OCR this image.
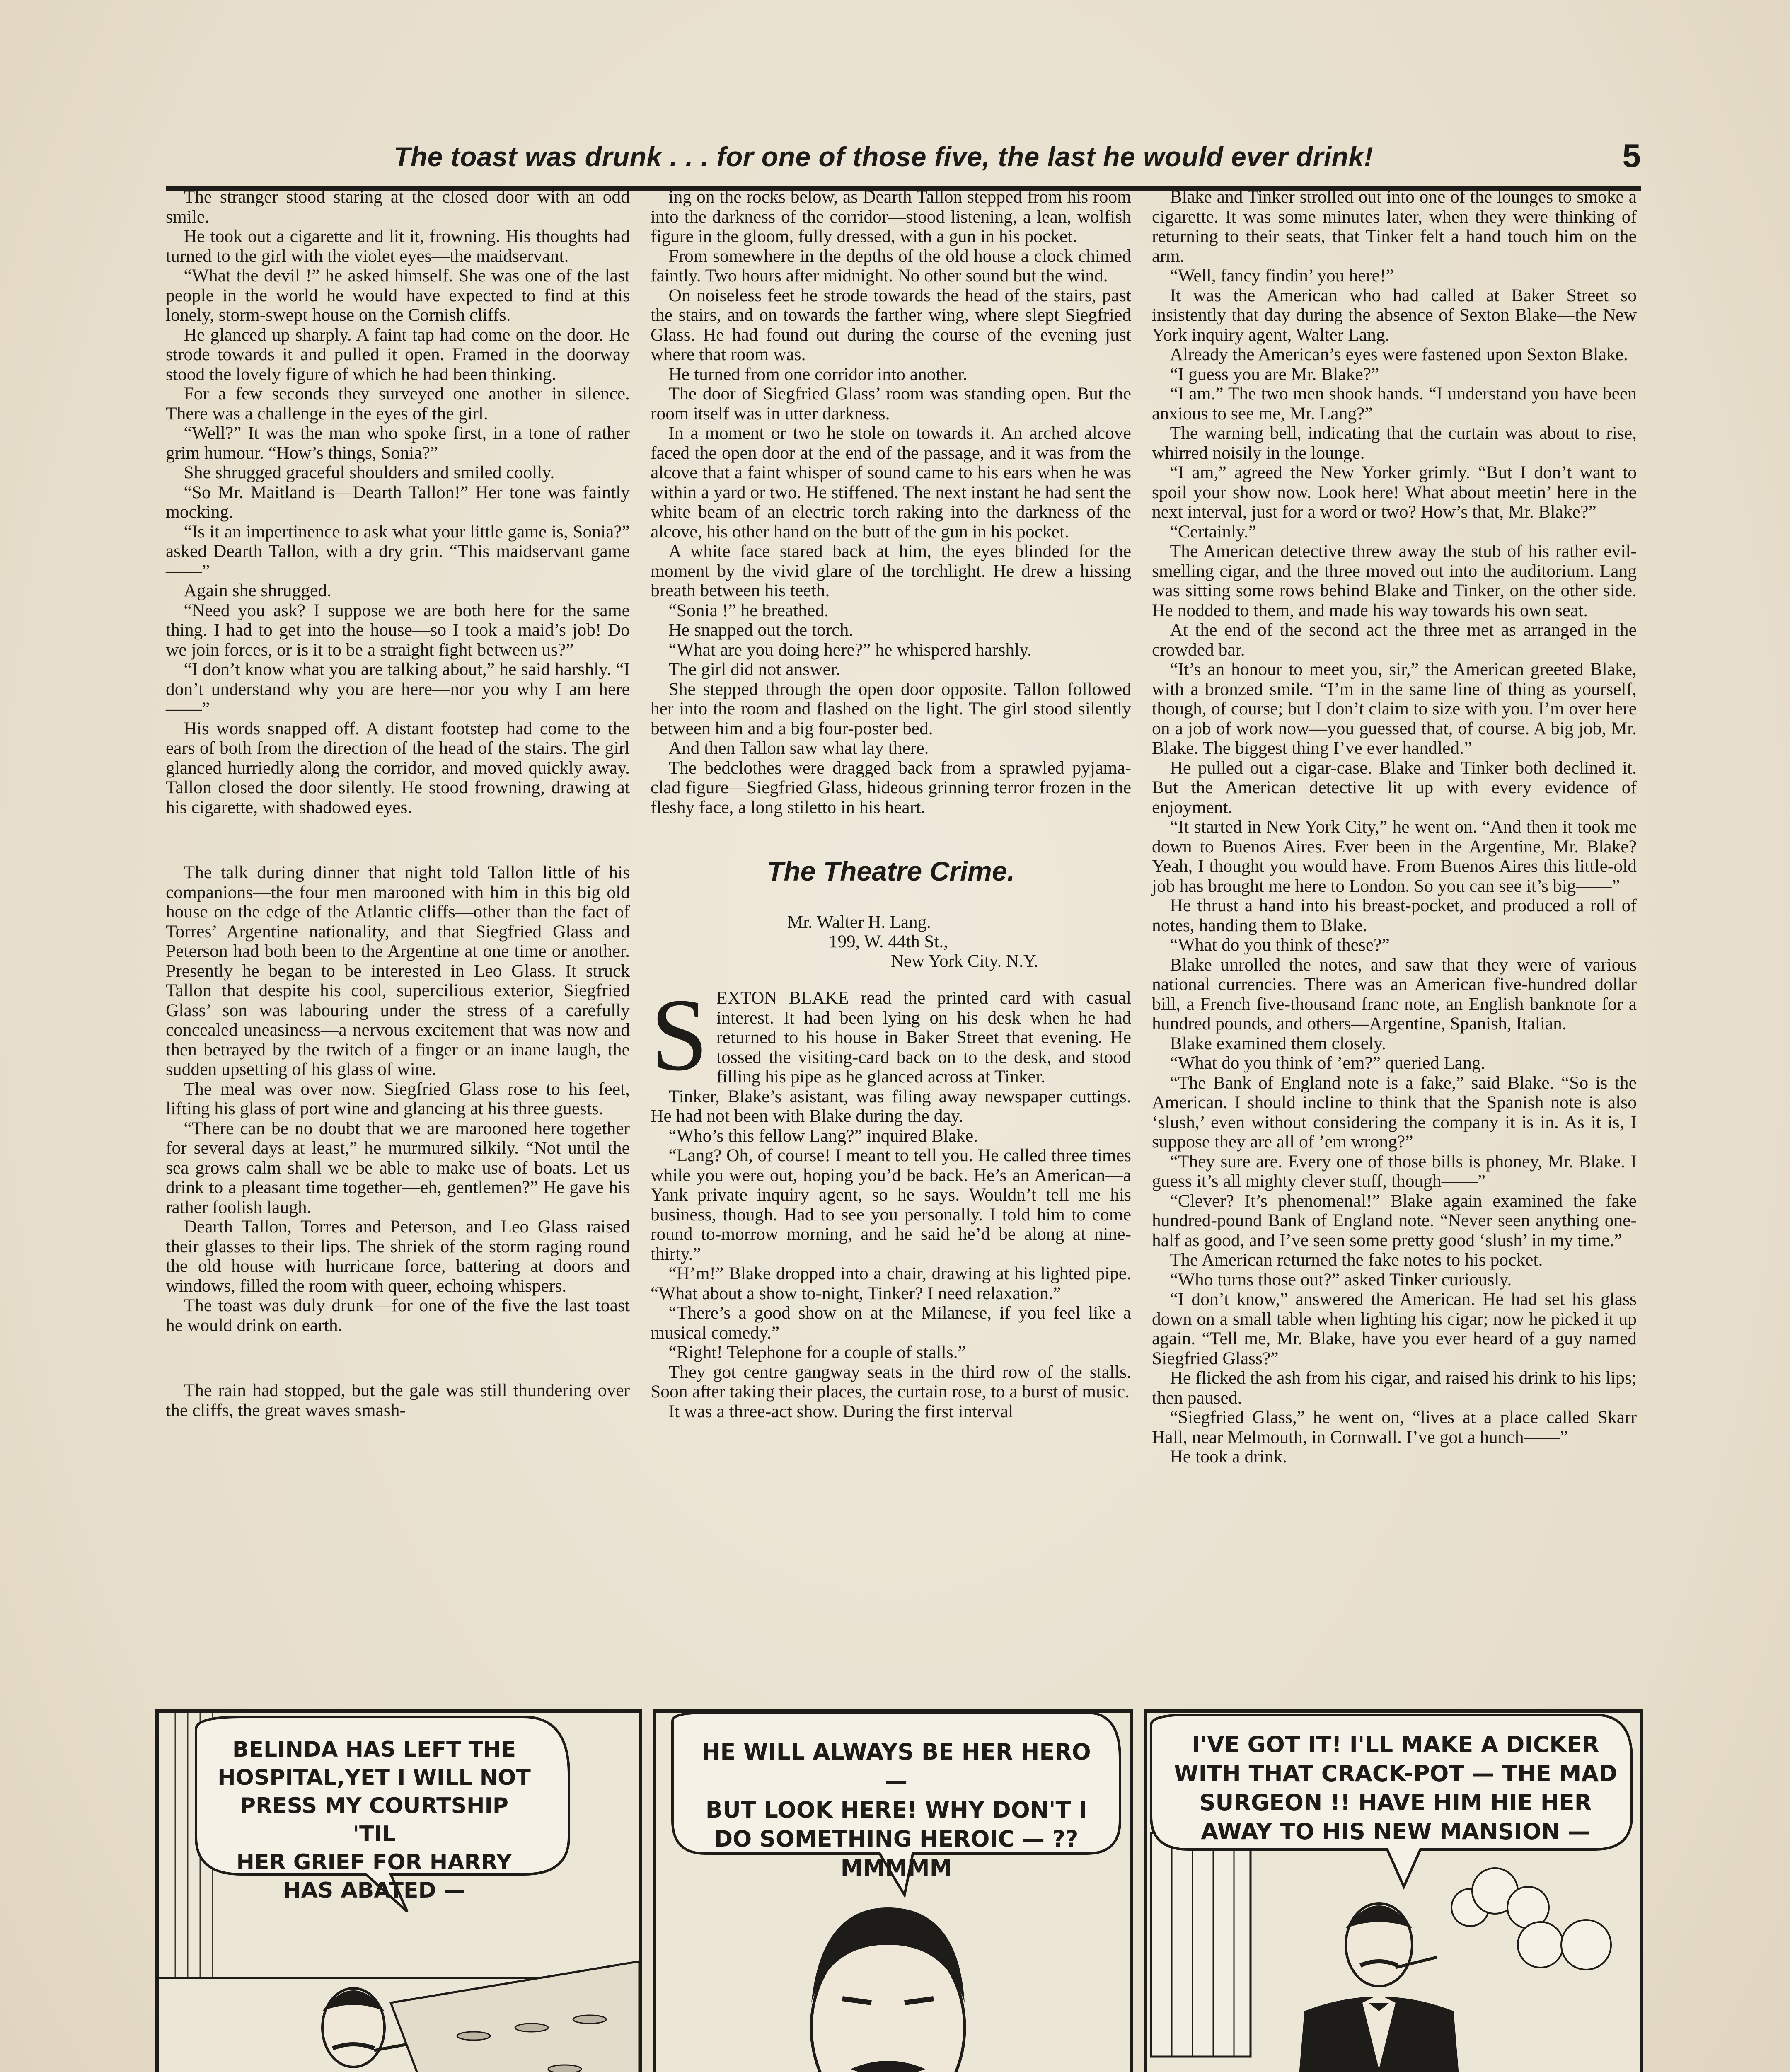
The toast was drunk . . . for one of those five, the last he would ever drink!	5

The stranger stood staring at the closed door with an odd smile.

He took out a cigarette and lit it, frowning. His thoughts had turned to the girl with the violet eyes—the maidservant.

“What the devil !” he asked himself. She was one of the last people in the world he would have expected to find at this lonely, storm-swept house on the Cornish cliffs.

He glanced up sharply. A faint tap had come on the door. He strode towards it and pulled it open. Framed in the doorway stood the lovely figure of which he had been thinking.

For a few seconds they surveyed one another in silence. There was a challenge in the eyes of the girl.

“Well?” It was the man who spoke first, in a tone of rather grim humour. “How’s things, Sonia?”

She shrugged graceful shoulders and smiled coolly.

“So Mr. Maitland is—Dearth Tallon!” Her tone was faintly mocking.

“Is it an impertinence to ask what your little game is, Sonia?” asked Dearth Tallon, with a dry grin. “This maidservant game——”

Again she shrugged.

“Need you ask? I suppose we are both here for the same thing. I had to get into the house—so I took a maid’s job! Do we join forces, or is it to be a straight fight between us?”

“I don’t know what you are talking about,” he said harshly. “I don’t understand why you are here—nor you why I am here——”

His words snapped off. A distant footstep had come to the ears of both from the direction of the head of the stairs. The girl glanced hurriedly along the corridor, and moved quickly away. Tallon closed the door silently. He stood frowning, drawing at his cigarette, with shadowed eyes.

The talk during dinner that night told Tallon little of his companions—the four men marooned with him in this big old house on the edge of the Atlantic cliffs—other than the fact of Torres’ Argentine nationality, and that Siegfried Glass and Peterson had both been to the Argentine at one time or another. Presently he began to be interested in Leo Glass. It struck Tallon that despite his cool, supercilious exterior, Siegfried Glass’ son was labouring under the stress of a carefully concealed uneasiness—a nervous excitement that was now and then betrayed by the twitch of a finger or an inane laugh, the sudden upsetting of his glass of wine.

The meal was over now. Siegfried Glass rose to his feet, lifting his glass of port wine and glancing at his three guests.

“There can be no doubt that we are marooned here together for several days at least,” he murmured silkily. “Not until the sea grows calm shall we be able to make use of boats. Let us drink to a pleasant time together—eh, gentlemen?” He gave his rather foolish laugh.

Dearth Tallon, Torres and Peterson, and Leo Glass raised their glasses to their lips. The shriek of the storm raging round the old house with hurricane force, battering at doors and windows, filled the room with queer, echoing whispers.

The toast was duly drunk—for one of the five the last toast he would drink on earth.

The rain had stopped, but the gale was still thundering over the cliffs, the great waves smash-

ing on the rocks below, as Dearth Tallon stepped from his room into the darkness of the corridor—stood listening, a lean, wolfish figure in the gloom, fully dressed, with a gun in his pocket.

From somewhere in the depths of the old house a clock chimed faintly. Two hours after midnight. No other sound but the wind.

On noiseless feet he strode towards the head of the stairs, past the stairs, and on towards the farther wing, where slept Siegfried Glass. He had found out during the course of the evening just where that room was.

He turned from one corridor into another.

The door of Siegfried Glass’ room was standing open. But the room itself was in utter darkness.

In a moment or two he stole on towards it. An arched alcove faced the open door at the end of the passage, and it was from the alcove that a faint whisper of sound came to his ears when he was within a yard or two. He stiffened. The next instant he had sent the white beam of an electric torch raking into the darkness of the alcove, his other hand on the butt of the gun in his pocket.

A white face stared back at him, the eyes blinded for the moment by the vivid glare of the torchlight. He drew a hissing breath between his teeth.

“Sonia !” he breathed.

He snapped out the torch.

“What are you doing here?” he whispered harshly.

The girl did not answer.

She stepped through the open door opposite. Tallon followed her into the room and flashed on the light. The girl stood silently between him and a big four-poster bed.

And then Tallon saw what lay there.

The bedclothes were dragged back from a sprawled pyjama-clad figure—Siegfried Glass, hideous grinning terror frozen in the fleshy face, a long stiletto in his heart.

The Theatre Crime.
Mr. Walter H. Lang.
199, W. 44th St.,
New York City. N.Y.

SEXTON BLAKE read the printed card with casual interest. It had been lying on his desk when he had returned to his house in Baker Street that evening. He tossed the visiting-card back on to the desk, and stood filling his pipe as he glanced across at Tinker.

Tinker, Blake’s asistant, was filing away newspaper cuttings. He had not been with Blake during the day.

“Who’s this fellow Lang?” inquired Blake.

“Lang? Oh, of course! I meant to tell you. He called three times while you were out, hoping you’d be back. He’s an American—a Yank private inquiry agent, so he says. Wouldn’t tell me his business, though. Had to see you personally. I told him to come round to-morrow morning, and he said he’d be along at nine-thirty.”

“H’m!” Blake dropped into a chair, drawing at his lighted pipe. “What about a show to-night, Tinker? I need relaxation.”

“There’s a good show on at the Milanese, if you feel like a musical comedy.”

“Right! Telephone for a couple of stalls.”

They got centre gangway seats in the third row of the stalls. Soon after taking their places, the curtain rose, to a burst of music.

It was a three-act show. During the first interval

Blake and Tinker strolled out into one of the lounges to smoke a cigarette. It was some minutes later, when they were thinking of returning to their seats, that Tinker felt a hand touch him on the arm.

“Well, fancy findin’ you here!”

It was the American who had called at Baker Street so insistently that day during the absence of Sexton Blake—the New York inquiry agent, Walter Lang.

Already the American’s eyes were fastened upon Sexton Blake.

“I guess you are Mr. Blake?”

“I am.” The two men shook hands. “I understand you have been anxious to see me, Mr. Lang?”

The warning bell, indicating that the curtain was about to rise, whirred noisily in the lounge.

“I am,” agreed the New Yorker grimly. “But I don’t want to spoil your show now. Look here! What about meetin’ here in the next interval, just for a word or two? How’s that, Mr. Blake?”

“Certainly.”

The American detective threw away the stub of his rather evil-smelling cigar, and the three moved out into the auditorium. Lang was sitting some rows behind Blake and Tinker, on the other side. He nodded to them, and made his way towards his own seat.

At the end of the second act the three met as arranged in the crowded bar.

“It’s an honour to meet you, sir,” the American greeted Blake, with a bronzed smile. “I’m in the same line of thing as yourself, though, of course; but I don’t claim to size with you. I’m over here on a job of work now—you guessed that, of course. A big job, Mr. Blake. The biggest thing I’ve ever handled.”

He pulled out a cigar-case. Blake and Tinker both declined it. But the American detective lit up with every evidence of enjoyment.

“It started in New York City,” he went on. “And then it took me down to Buenos Aires. Ever been in the Argentine, Mr. Blake? Yeah, I thought you would have. From Buenos Aires this little-old job has brought me here to London. So you can see it’s big——”

He thrust a hand into his breast-pocket, and produced a roll of notes, handing them to Blake.

“What do you think of these?”

Blake unrolled the notes, and saw that they were of various national currencies. There was an American five-hundred dollar bill, a French five-thousand franc note, an English banknote for a hundred pounds, and others—Argentine, Spanish, Italian.

Blake examined them closely.

“What do you think of ’em?” queried Lang.

“The Bank of England note is a fake,” said Blake. “So is the American. I should incline to think that the Spanish note is also ‘slush,’ even without considering the company it is in. As it is, I suppose they are all of ’em wrong?”

“They sure are. Every one of those bills is phoney, Mr. Blake. I guess it’s all mighty clever stuff, though——”

“Clever? It’s phenomenal!” Blake again examined the fake hundred-pound Bank of England note. “Never seen anything one-half as good, and I’ve seen some pretty good ‘slush’ in my time.”

The American returned the fake notes to his pocket.

“Who turns those out?” asked Tinker curiously.

“I don’t know,” answered the American. He had set his glass down on a small table when lighting his cigar; now he picked it up again. “Tell me, Mr. Blake, have you ever heard of a guy named Siegfried Glass?”

He flicked the ash from his cigar, and raised his drink to his lips; then paused.

“Siegfried Glass,” he went on, “lives at a place called Skarr Hall, near Melmouth, in Cornwall. I’ve got a hunch——”

He took a drink.

BELINDA HAS LEFT THE
HOSPITAL,YET I WILL NOT
PRESS MY COURTSHIP 'TIL
HER GRIEF FOR HARRY
HAS ABATED —
HE WILL ALWAYS BE HER HERO—
BUT LOOK HERE! WHY DON'T I
DO SOMETHING HEROIC — ??
MMMMM
I'VE GOT IT! I'LL MAKE A DICKER
WITH THAT CRACK-POT — THE MAD
SURGEON !! HAVE HIM HIE HER
AWAY TO HIS NEW MANSION —
